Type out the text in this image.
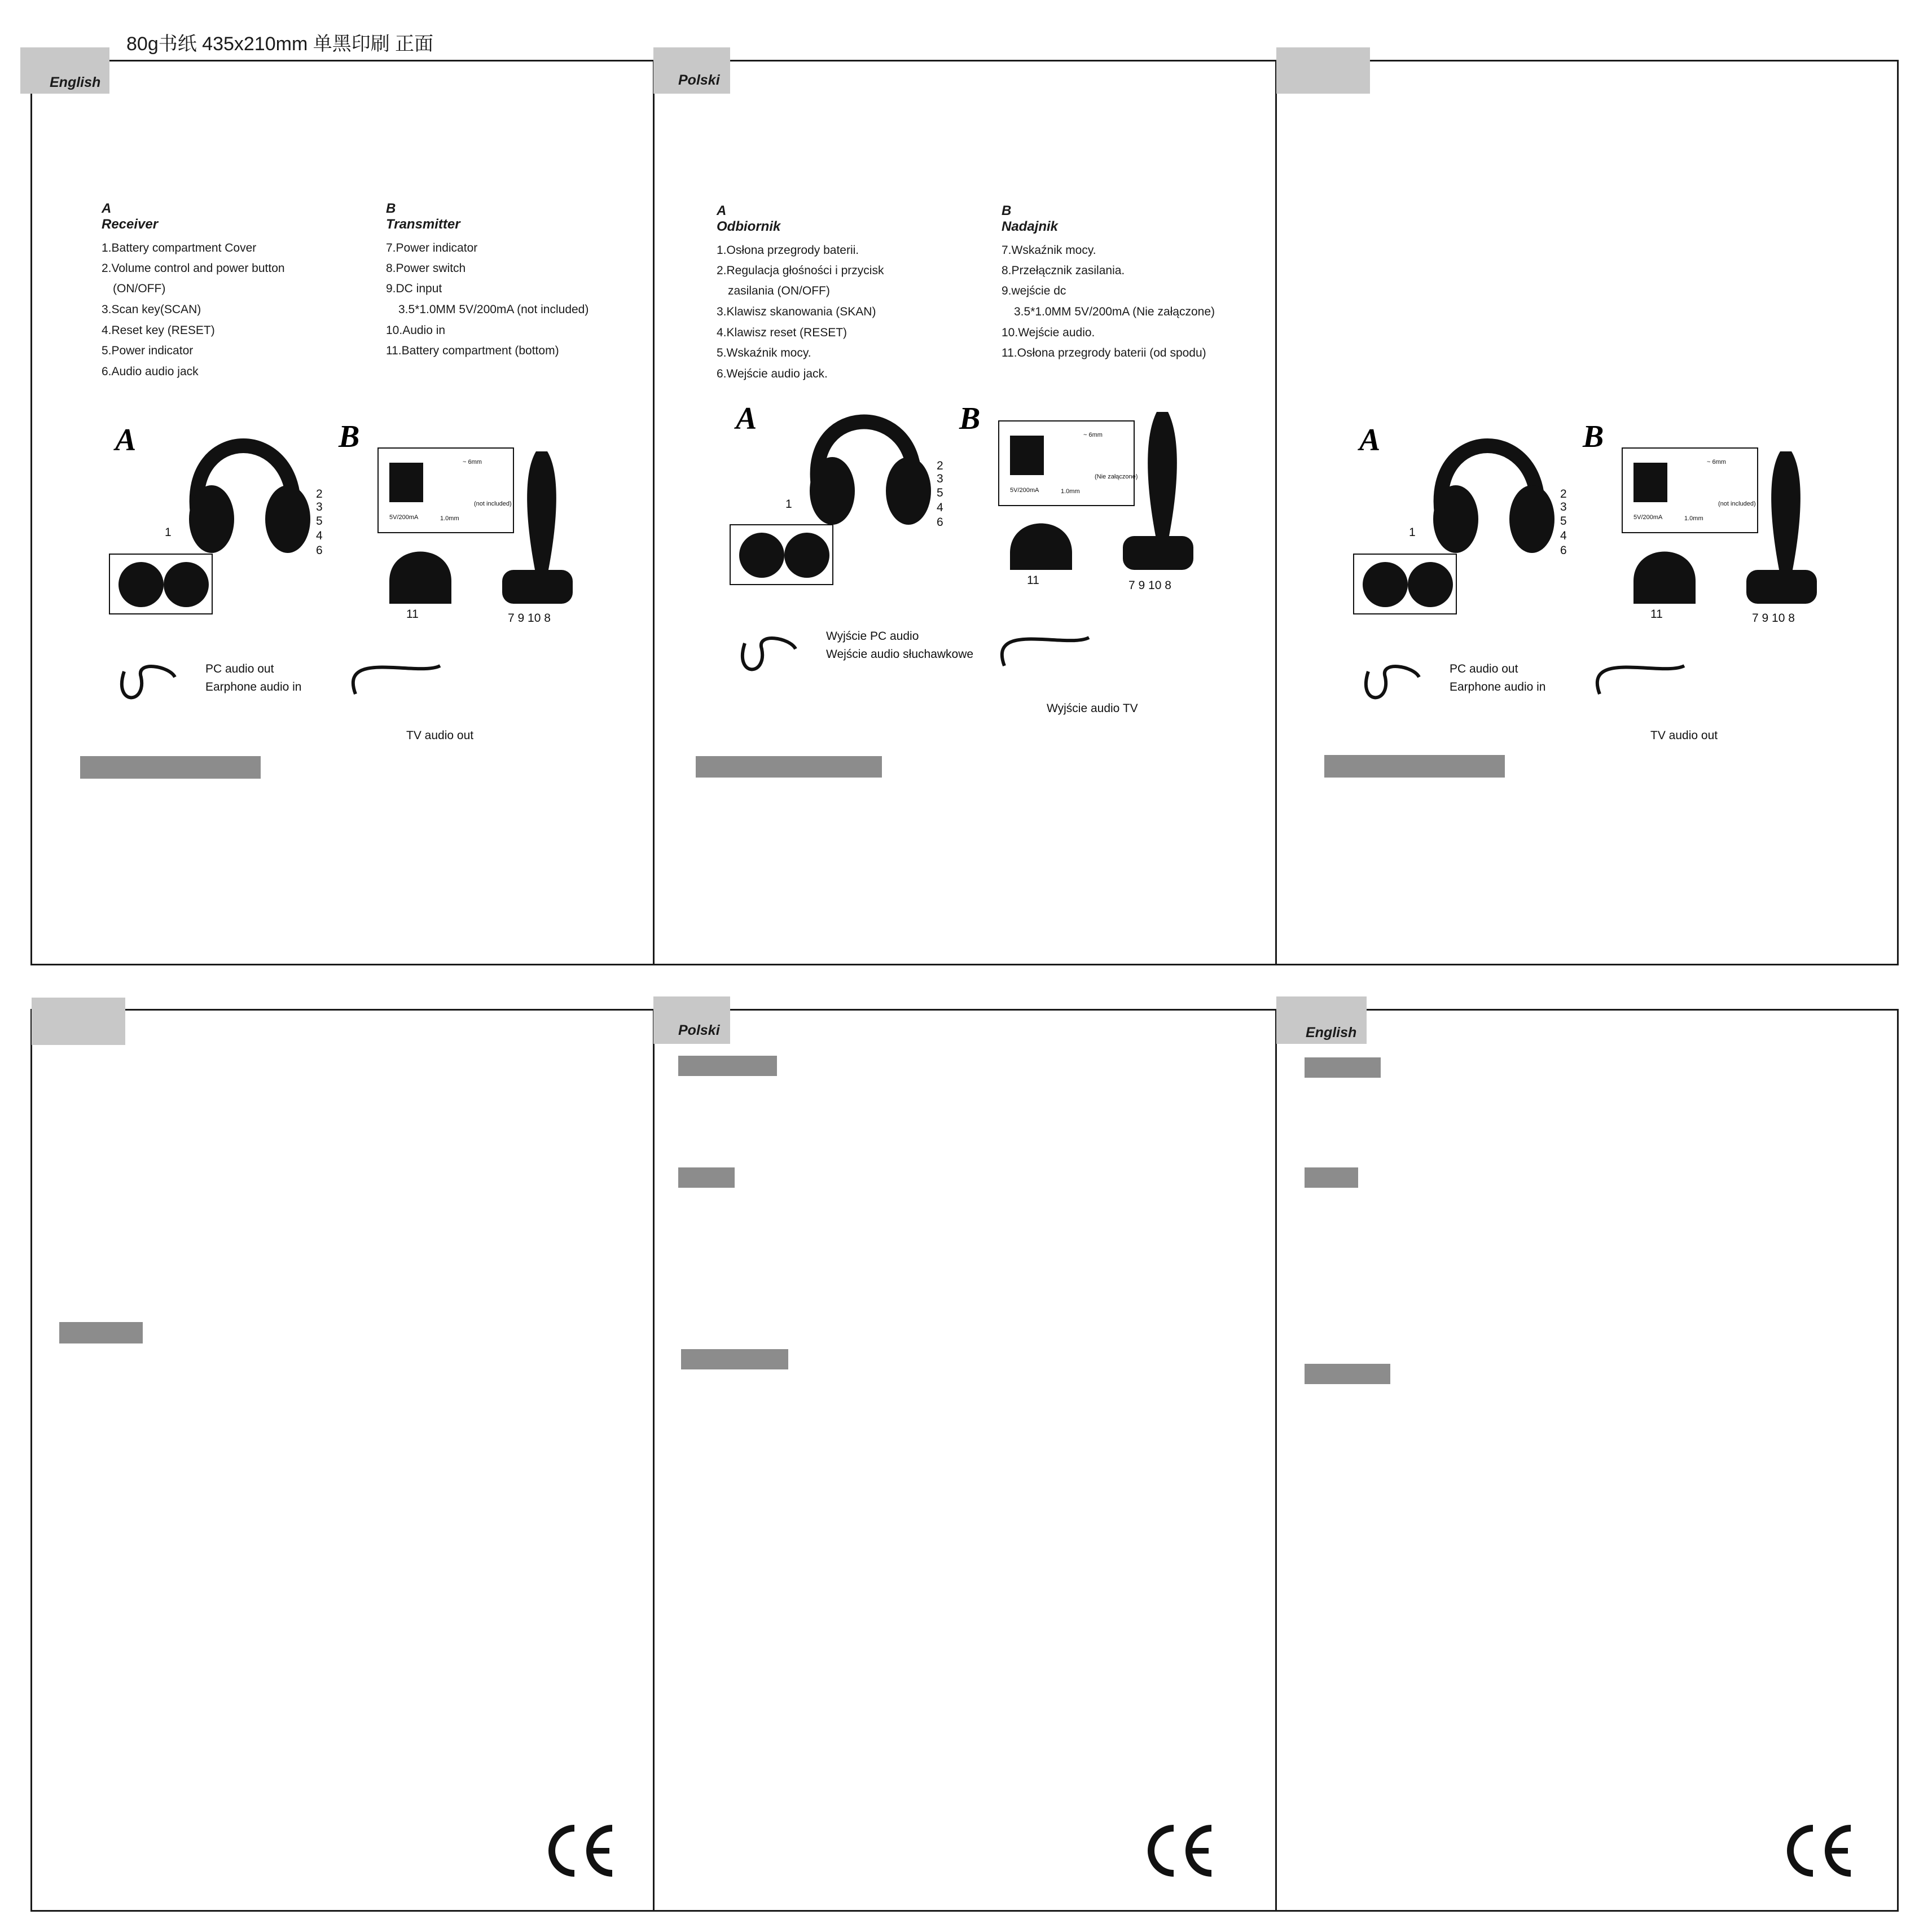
80g书纸 435x210mm 单黑印刷 正面
English	Polski
A Receiver
B Transmitter
1.Battery compartment Cover
2.Volume control and power button
(ON/OFF)
3.Scan key(SCAN)
4.Reset key (RESET)
5.Power indicator
6.Audio audio jack
7.Power indicator
8.Power switch
9.DC input
3.5*1.0MM 5V/200mA (not included)
10.Audio in
11.Battery compartment (bottom)
A Odbiornik
B Nadajnik
1.Osłona przegrody baterii.
2.Regulacja głośności i przycisk
zasilania (ON/OFF)
3.Klawisz skanowania (SKAN)
4.Klawisz reset (RESET)
5.Wskaźnik mocy.
6.Wejście audio jack.
7.Wskaźnik mocy.
8.Przełącznik zasilania.
9.wejście dc
3.5*1.0MM 5V/200mA (Nie załączone)
10.Wejście audio.
11.Osłona przegrody baterii (od spodu)
A	B
1
2
3
5
4
6
5V/200mA
~ 6mm
1.0mm
(not included)
11	7 9 10 8
PC audio out
Earphone audio in
TV audio out
A	B
1
2
3
5
4
6
5V/200mA
~ 6mm
1.0mm
(Nie załączone)
11	7 9 10 8
Wyjście PC audio
Wejście audio słuchawkowe
Wyjście audio TV
A	B
1
2
3
5
4
6
5V/200mA
~ 6mm
1.0mm
(not included)
11	7 9 10 8
PC audio out
Earphone audio in
TV audio out
Polski	English
